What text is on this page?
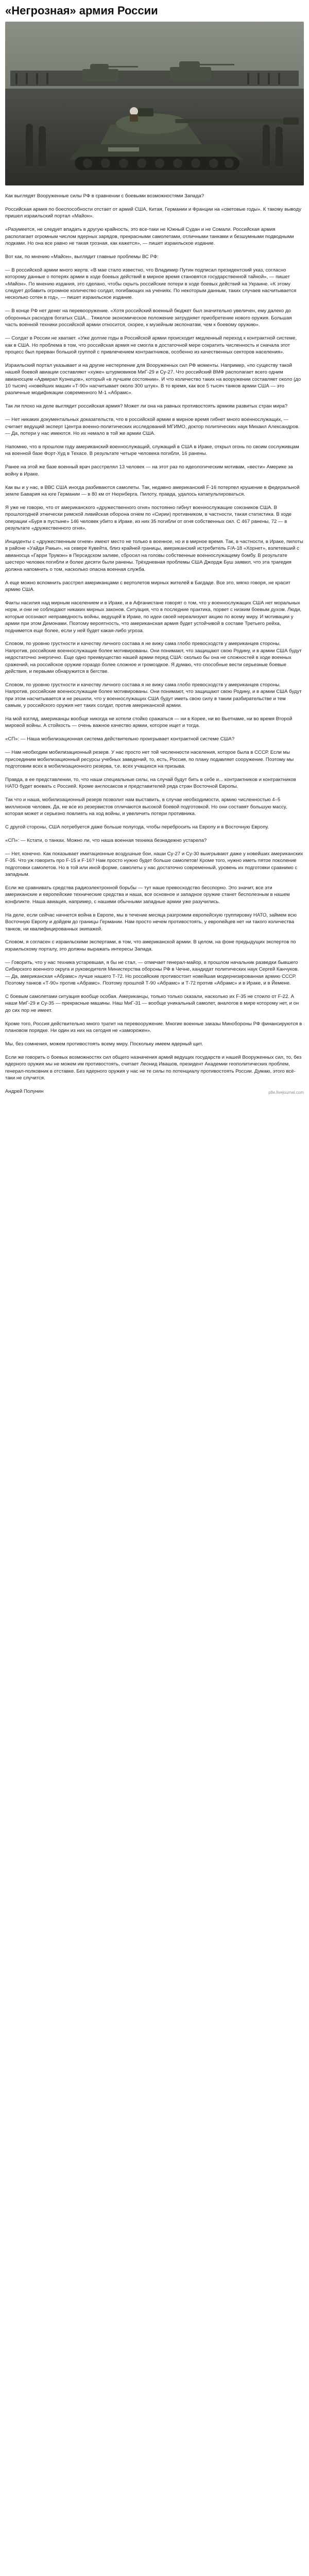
«Негрозная» армия России

Как выглядят Вооруженные силы РФ в сравнении с боевыми возможностями Запада?

Российская армия по боеспособности отстает от армий США, Китая, Германии и Франции на «световые годы». К такому выводу пришел израильский портал «Майон».

«Разумеется, не следует впадать в другую крайность, это все-таки не Южный Судан и не Сомали. Российская армия располагает огромным числом ядерных зарядов, прекрасными самолетами, отличными танками и безшумными подводными лодками. Но она все равно не такая грозная, как кажется», — пишет израильское издание.

Вот как, по мнению «Майон», выглядит главные проблемы ВС РФ:

— В российской армии много жертв. «В мае стало известно, что Владимир Путин подписал президентский указ, согласно которому данные о потерях армии в ходе боевых действий в мирное время становятся государственной тайной», — пишет «Майон». По мнению издания, это сделано, чтобы скрыть российские потери в ходе боевых действий на Украине. «К этому следует добавить огромное количество солдат, погибающих на учениях. По некоторым данным, таких случаев насчитывается несколько сотен в год», — пишет израильское издание.

— В конце РФ нет денег на перевооружение. «Хотя российский военный бюджет был значительно увеличен, ему далеко до оборонных расходов богатых США... Тяжелое экономическое положение затрудняет приобретение нового оружия. Большая часть военной техники российской армии относится, скорее, к музейным экспонатам, чем к боевому оружию».

— Солдат в России не хватает. «Уже долгие годы в Российской армии происходит медленный переход к контрактной системе, как в США. Но проблема в том, что российская армия не смогла в достаточной мере сократить численность и сначала этот процесс был прерван большой группой с привлечением контрактников, особенно из качественных секторов населения».

Израильский портал указывает и на другие нестерпение для Вооруженных сил РФ моменты. Например, «по существу такой нашей боевой авиации составляют «хуже» штурмовиков МиГ-29 и Су-27. Что российский ВМФ располагает всего одним авианосцем «Адмирал Кузнецов», который «в лучшем состоянии». И что количество таких на вооружении составляет около (до 10 тысяч) «новейших машин «Т-90» насчитывает около 300 штук». В то время, как все 5 тысяч танков армии США — это различные модификации современного М-1 «Абрамс».

Так ли плохо на деле выглядит российская армия? Может ли она на равных противостоять армиям развитых стран мира?

— Нет никаких документальных доказательств, что в российской армии в мирное время гибнет много военнослужащих, — считает ведущий эксперт Центра военно-политических исследований МГИМО, доктор политических наук Михаил Александров. — Да, потери у нас имеются. Но их немало в той же армии США.

Напомню, что в прошлом году американский военнослужащий, служащий в США в Ираке, открыл огонь по своим сослуживцам на военной базе Форт-Худ в Техасе. В результате четыре человека погибли, 16 ранены.

Ранее на этой же базе военный врач расстрелял 13 человек — на этот раз по идеологическим мотивам, «вести» Америке за войну в Ираке.

Как вы и у нас, в ВВС США иногда разбиваются самолеты. Так, недавно американский F-16 потерпел крушение в федеральной земле Бавария на юге Германии — в 80 км от Нюрнберга. Пилоту, правда, удалось катапультироваться.

Я уже не говорю, что от американского «дружественного огня» постоянно гибнут военнослужащие союзников США. В прошлогодней этнически римской ливийская оборона огнем по «Сирии) противником, в частности, такая статистика. В ходе операции «Буря в пустыне» 146 человек убито в Ираке, из них 35 погибли от огня собственных сил. С 467 ранены, 72 — в результате «дружественного огня».

Инциденты с «дружественным огнем» имеют место не только в военное, но и в мирное время. Так, в частности, в Ираке, пилоты в районе «Уайди Ракьи», на севере Кувейта, близ крайней границы, американский истребитель F/A-18 «Хорнет», взлетевший с авианосца «Гарри Трумэн» в Персидском заливе, сбросил на головы собственные военнослужащему бомбу. В результате шестеро человек погибли и более десяти были ранены. Трёхдневная проблемы США Джордж Буш заявил, что эта трагедия должна напомнить о том, насколько опасна военная служба.

А еще можно вспомнить расстрел американцами с вертолетов мирных жителей в Багдаде. Все это, мягко говоря, не красит армию США.

Факты насилия над мирным населением и в Ираке, и в Афганистане говорят о том, что у военнослужащих США нет моральных норм, и они не соблюдают никаких мирных законов. Ситуация, что в последние практика, порвет с низким боевым духом. Люди, которые осознают неправедность войны, ведущей в Ираке, по идеи своей нереализуют акцию по всему миру. И мотивации у армии при этом Демонами. Поэтому вероятность, что американская армия будет устойчивой в составе Третьего рейха, поднимется еще более, если у ней будет какая-либо угроза.

Словом, по уровню грустности и качеству личного состава я не вижу сама глобо превосходств у американцев стороны. Напротив, российские военнослужащие более мотивированы. Они понимают, что защищают свою Родину, и в армии США будут недостаточно энергично. Еще одно преимущество нашей армии перед США: сколько бы она не сложностей в ходе военных сражений, на российское оружие гораздо более сложное и громоздкое. Я думаю, что способные вести серьезные боевые действия, и первыми обнаружится в бегстве.

Словом, по уровню грустности и качеству личного состава я не вижу сама глобо превосходств у американцев стороны. Напротив, российские военнослужащие более мотивированы. Они понимают, что защищают свою Родину, и в армии США будут при этом насчитывается и не решили, что у военнослужащих США будут иметь свою силу в таким разбирательстве и тем самым, у российского оружия нет таких солдат, против американской армии.

На мой взгляд, американцы вообще никогда не хотели стойко сражаться — ни в Корее, ни во Вьетнаме, ни во время Второй мировой войны. А стойкость — очень важное качество армии, которое ищет и тогда.

«СП»: — Наша мобилизационная система действительно проигрывает контрактной системе США?

— Нам необходим мобилизационный резерв. У нас просто нет той численности населения, которое была в СССР. Если мы присоединим мобилизационный ресурсы учебных заведений, то, есть, Россия, по плану подавляет сооружение. Поэтому мы подготовим всех в мобилизационного резерва, т.е. всех учащихся на призыва.

Правда, в ее представлении, то, что наши специальные силы, на случай будут бить в себе и... контрактников и контрактников НАТО будет воевать с Россией. Кроме англосаксов и представителей ряда стран Восточной Европы.

Так что и наша, мобилизационный резерв позволит нам выставить, в случае необходимости, армию численностью 4–5 миллионов человек. Да, не все из резервистов отличаются высокой боевой подготовкой. Но они составят большую массу, которая может и серьезно повлиять на ход войны, и увеличить потери противника.

С другой стороны, США потребуется даже больше полугода, чтобы перебросить на Европу и в Восточную Европу.

«СП»: — Кстати, о танках. Можно ли, что наша военная техника безнадежно устарела?

— Нет, конечно. Как показывает имитационные воздушные бои, наши Су-27 и Су-30 выигрывают даже у новейших американских F-35. Что уж говорить про F-15 и F-16? Нам просто нужно будет больше самолетов! Кроме того, нужно иметь пятое поколение подготовки самолетов. Но в той или иной форме, самолеты у нас достаточно современный, уровень их подготовки сравнимо с западным.

Если же сравнивать средства радиоэлектронной борьбы — тут наше превосходство бесспорно. Это значит, все эти американские и европейские технические средства и наша, все основное и западное оружие станет бесполезным в нашем конфликте. Наша авиация, например, с нашими обычными западные армии уже разучились.

На деле, если сейчас начнется война в Европе, мы в течение месяца разгромим европейскую группировку НАТО, займем всю Восточную Европу и дойдем до границы Германии. Нам просто нечем противостоять, у европейцев нет ни такого количества танков, ни квалифицированных экипажей.

Словом, я согласен с израильскими экспертами, в том, что американской армии. В целом, на фоне предыдущих экспертов по израильскому порталу, это должны выражать интересы Запада.

— Говорить, что у нас техника устаревшая, я бы не стал, — отмечает генерал-майор, в прошлом начальник разведки бывшего Сибирского военного округа и руководителя Министерства обороны РФ в Чечне, кандидат политических наук Сергей Канчуков. — Да, американская «Абрамс» лучше нашего Т-72. Но российские противостоит новейшая модернизированная армию СССР. Поэтому танков «Т-90» против «Абрамс». Поэтому прошлой Т-90 «Абрамс» и Т-72 против «Абрамс» и в Ираке, и в Йемене.

С боевым самолетами ситуация вообще особая. Американцы, только только сказали, насколько их F-35 не стоило от F-22. А наши МиГ-29 и Су-35 — прекрасные машины. Наш МиГ-31 — вообще уникальный самолет, аналогов в мире которому нет, и он до сих пор не имеет.

Кроме того, Россия действительно много тратит на перевооружение. Многие военные заказы Минобороны РФ финансируются в плановом порядке. Ни один из них на сегодня не «заморожен».

Мы, без сомнения, можем противостоять всему миру. Поскольку имеем ядерный щит.

Если же говорить о боевых возможностях сил общего назначения армий ведущих государств и нашей Вооруженных сил, то, без ядерного оружия мы не можем им противостоять, считает Леонид Ивашов, президент Академии геополитических проблем, генерал-полковник в отставке. Без ядерного оружия у нас не те силы по потенциалу противостоять России. Думаю, этого всё-таки не случится.

Андрей Полунин	p8e.livejournal.com
